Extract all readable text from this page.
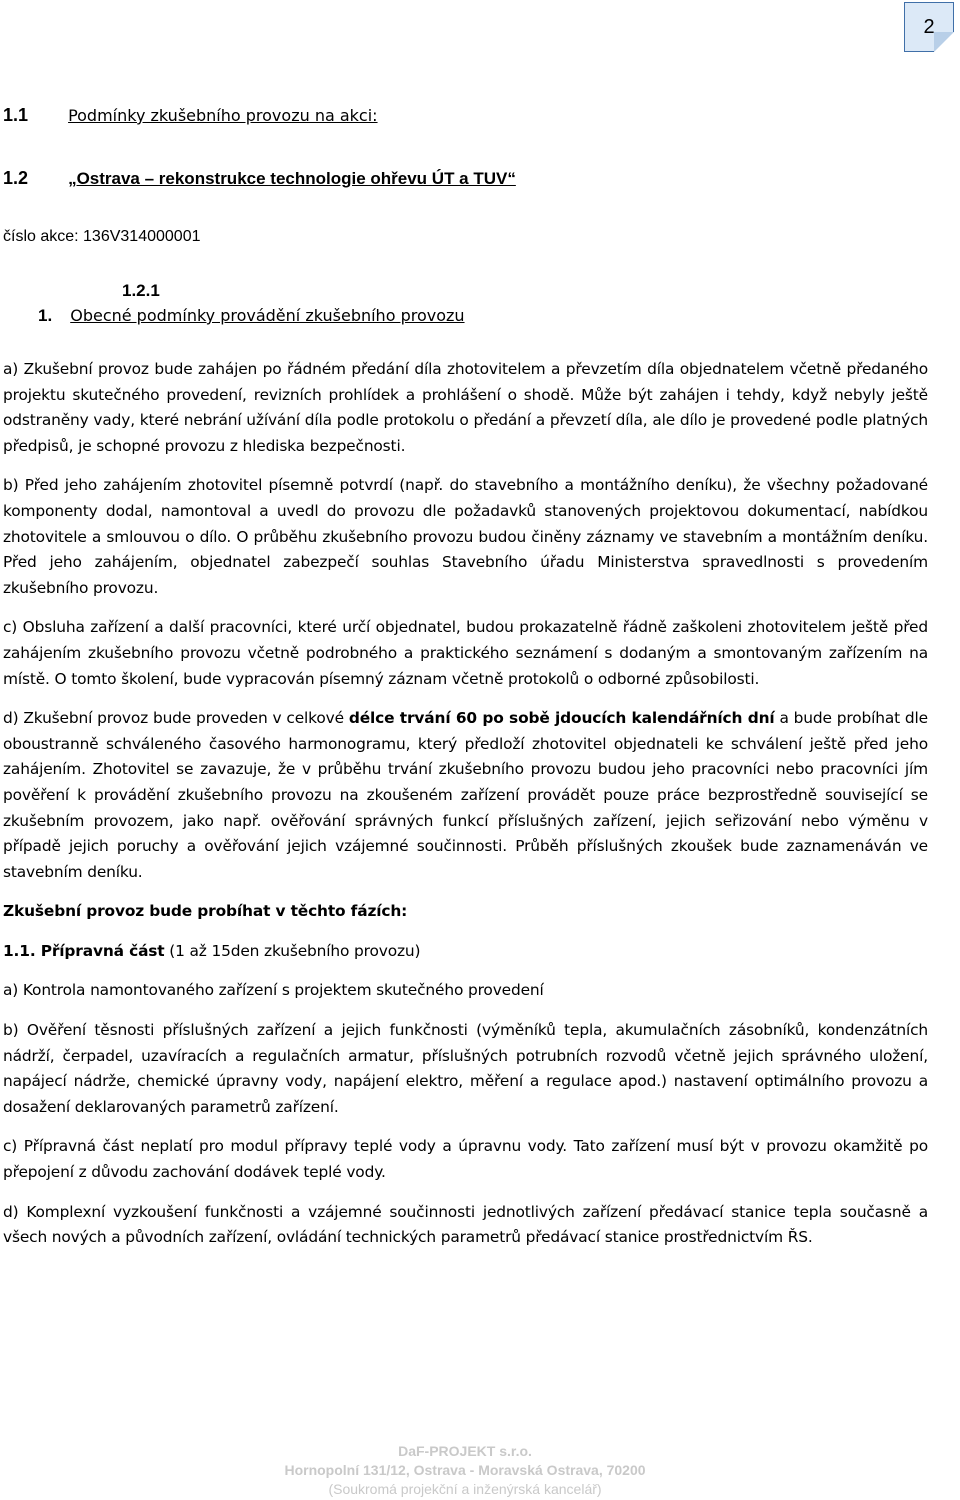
2
1.1	Podmínky zkušebního provozu na akci:
1.2 „Ostrava – rekonstrukce technologie ohřevu ÚT a TUV“
číslo akce: 136V314000001
1.2.1
1. Obecné podmínky provádění zkušebního provozu

a) Zkušební provoz bude zahájen po řádném předání díla zhotovitelem a převzetím díla objednatelem včetně předaného projektu skutečného provedení, revizních prohlídek a prohlášení o shodě. Může být zahájen i tehdy, když nebyly ještě odstraněny vady, které nebrání užívání díla podle protokolu o předání a převzetí díla, ale dílo je provedené podle platných předpisů, je schopné provozu z hlediska bezpečnosti.

b) Před jeho zahájením zhotovitel písemně potvrdí (např. do stavebního a montážního deníku), že všechny požadované komponenty dodal, namontoval a uvedl do provozu dle požadavků stanovených projektovou dokumentací, nabídkou zhotovitele a smlouvou o dílo. O průběhu zkušebního provozu budou činěny záznamy ve stavebním a montážním deníku. Před jeho zahájením, objednatel zabezpečí souhlas Stavebního úřadu Ministerstva spravedlnosti s provedením zkušebního provozu.

c) Obsluha zařízení a další pracovníci, které určí objednatel, budou prokazatelně řádně zaškoleni zhotovitelem ještě před zahájením zkušebního provozu včetně podrobného a praktického seznámení s dodaným a smontovaným zařízením na místě. O tomto školení, bude vypracován písemný záznam včetně protokolů o odborné způsobilosti.

d) Zkušební provoz bude proveden v celkové délce trvání 60 po sobě jdoucích kalendářních dní a bude probíhat dle oboustranně schváleného časového harmonogramu, který předloží zhotovitel objednateli ke schválení ještě před jeho zahájením. Zhotovitel se zavazuje, že v průběhu trvání zkušebního provozu budou jeho pracovníci nebo pracovníci jím pověření k provádění zkušebního provozu na zkoušeném zařízení provádět pouze práce bezprostředně související se zkušebním provozem, jako např. ověřování správných funkcí příslušných zařízení, jejich seřizování nebo výměnu v případě jejich poruchy a ověřování jejich vzájemné součinnosti. Průběh příslušných zkoušek bude zaznamenáván ve stavebním deníku.

Zkušební provoz bude probíhat v těchto fázích:

1.1. Přípravná část (1 až 15den zkušebního provozu)

a) Kontrola namontovaného zařízení s projektem skutečného provedení

b) Ověření těsnosti příslušných zařízení a jejich funkčnosti (výměníků tepla, akumulačních zásobníků, kondenzátních nádrží, čerpadel, uzavíracích a regulačních armatur, příslušných potrubních rozvodů včetně jejich správného uložení, napájecí nádrže, chemické úpravny vody, napájení elektro, měření a regulace apod.) nastavení optimálního provozu a dosažení deklarovaných parametrů zařízení.

c) Přípravná část neplatí pro modul přípravy teplé vody a úpravnu vody. Tato zařízení musí být v provozu okamžitě po přepojení z důvodu zachování dodávek teplé vody.

d) Komplexní vyzkoušení funkčnosti a vzájemné součinnosti jednotlivých zařízení předávací stanice tepla současně a všech nových a původních zařízení, ovládání technických parametrů předávací stanice prostřednictvím ŘS.

DaF-PROJEKT s.r.o.
Hornopolní 131/12, Ostrava - Moravská Ostrava, 70200
(Soukromá projekční a inženýrská kancelář)
